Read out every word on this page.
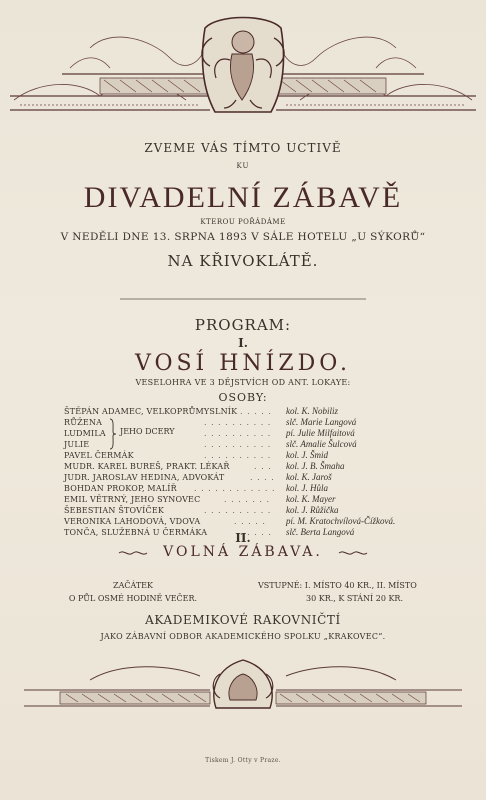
ZVEME VÁS TÍMTO UCTIVĚ
KU
DIVADELNÍ ZÁBAVĚ
KTEROU POŘÁDÁME
V NEDĚLI DNE 13. SRPNA 1893 V SÁLE HOTELU „U SÝKORŮ“
NA KŘIVOKLÁTĚ.
PROGRAM:
I.
VOSÍ HNÍZDO.
VESELOHRA VE 3 DĚJSTVÍCH OD ANT. LOKAYE:
OSOBY:
ŠTĚPÁN ADAMEC, VELKOPRŮMYSLNÍK . . . . . kol. K. Nobiliz
RŮŽENA	. . . . . . . . . . slč. Marie Langová
LUDMILA	. . . . . . . . . . pí. Julie Milfaitová
JULIE	. . . . . . . . . . slč. Amalie Šulcová
PAVEL ČERMÁK	. . . . . . . . . . kol. J. Šmid
MUDR. KAREL BUREŠ, PRAKT. LÉKAŘ	. . . kol. J. B. Šmaha
JUDR. JAROSLAV HEDINA, ADVOKÁT	. . . . kol. K. Jaroš
BOHDAN PROKOP, MALÍŘ . . . . . . . . . . . . kol. J. Hůla
EMIL VĚTRNÝ, JEHO SYNOVEC	. . . . . . . kol. K. Mayer
ŠEBESTIAN ŠTOVÍČEK	. . . . . . . . . . kol. J. Růžička
VERONIKA LAHODOVÁ, VDOVA	. . . . . pí. M. Kratochvílová-Čížková.
TONČA, SLUŽEBNÁ U ČERMÁKA	. . . . . slč. Berta Langová
JEHO DCERY
II.
VOLNÁ ZÁBAVA.
ZAČÁTEK
O PŮL OSMÉ HODINĚ VEČER.
VSTUPNÉ: I. MÍSTO 40 KR., II. MÍSTO
30 KR., K STÁNÍ 20 KR.
AKADEMIKOVÉ RAKOVNIČTÍ
JAKO ZÁBAVNÍ ODBOR AKADEMICKÉHO SPOLKU „KRAKOVEC“.
Tiskem J. Otty v Praze.
